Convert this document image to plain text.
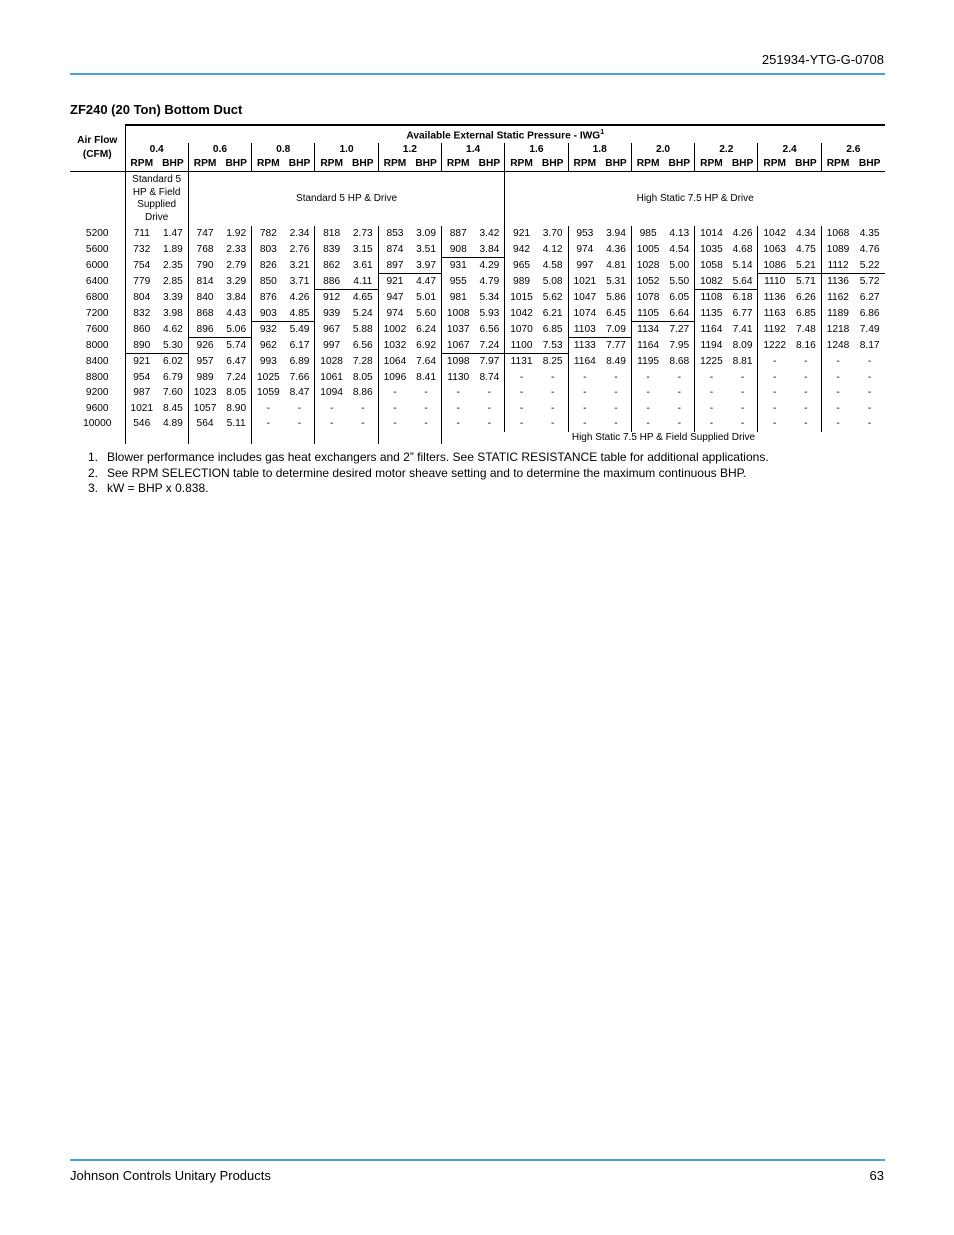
251934-YTG-G-0708
ZF240 (20 Ton) Bottom Duct
Air Flow
(CFM)	Available External Static Pressure - IWG$^1$
	0.4		0.6		0.8		1.0		1.2		1.4		1.6		1.8		2.0		2.2		2.4		2.6	
	RPM	BHP	RPM	BHP	RPM	BHP	RPM	BHP	RPM	BHP	RPM	BHP	RPM	BHP	RPM	BHP	RPM	BHP	RPM	BHP	RPM	BHP	RPM	BHP
	Standard 5
HP & Field
Supplied
Drive		Standard 5 HP & Drive										High Static 7.5 HP & Drive											
5200	711	1.47	747	1.92	782	2.34	818	2.73	853	3.09	887	3.42	921	3.70	953	3.94	985	4.13	1014	4.26	1042	4.34	1068	4.35
5600	732	1.89	768	2.33	803	2.76	839	3.15	874	3.51	908	3.84	942	4.12	974	4.36	1005	4.54	1035	4.68	1063	4.75	1089	4.76
6000	754	2.35	790	2.79	826	3.21	862	3.61	897	3.97	931	4.29	965	4.58	997	4.81	1028	5.00	1058	5.14	1086	5.21	1112	5.22
6400	779	2.85	814	3.29	850	3.71	886	4.11	921	4.47	955	4.79	989	5.08	1021	5.31	1052	5.50	1082	5.64	1110	5.71	1136	5.72
6800	804	3.39	840	3.84	876	4.26	912	4.65	947	5.01	981	5.34	1015	5.62	1047	5.86	1078	6.05	1108	6.18	1136	6.26	1162	6.27
7200	832	3.98	868	4.43	903	4.85	939	5.24	974	5.60	1008	5.93	1042	6.21	1074	6.45	1105	6.64	1135	6.77	1163	6.85	1189	6.86
7600	860	4.62	896	5.06	932	5.49	967	5.88	1002	6.24	1037	6.56	1070	6.85	1103	7.09	1134	7.27	1164	7.41	1192	7.48	1218	7.49
8000	890	5.30	926	5.74	962	6.17	997	6.56	1032	6.92	1067	7.24	1100	7.53	1133	7.77	1164	7.95	1194	8.09	1222	8.16	1248	8.17
8400	921	6.02	957	6.47	993	6.89	1028	7.28	1064	7.64	1098	7.97	1131	8.25	1164	8.49	1195	8.68	1225	8.81	-	-	-	-
8800	954	6.79	989	7.24	1025	7.66	1061	8.05	1096	8.41	1130	8.74	-	-	-	-	-	-	-	-	-	-	-	-
9200	987	7.60	1023	8.05	1059	8.47	1094	8.86	-	-	-	-	-	-	-	-	-	-	-	-	-	-	-	-
9600	1021	8.45	1057	8.90	-	-	-	-	-	-	-	-	-	-	-	-	-	-	-	-	-	-	-	-
10000	546	4.89	564	5.11	-	-	-	-	-	-	-	-	-	-	-	-	-	-	-	-	-	-	-	-
											High Static 7.5 HP & Field Supplied Drive													
1. Blower performance includes gas heat exchangers and 2” filters. See STATIC RESISTANCE table for additional applications.
2. See RPM SELECTION table to determine desired motor sheave setting and to determine the maximum continuous BHP.
3. kW = BHP x 0.838.
Johnson Controls Unitary Products	63
